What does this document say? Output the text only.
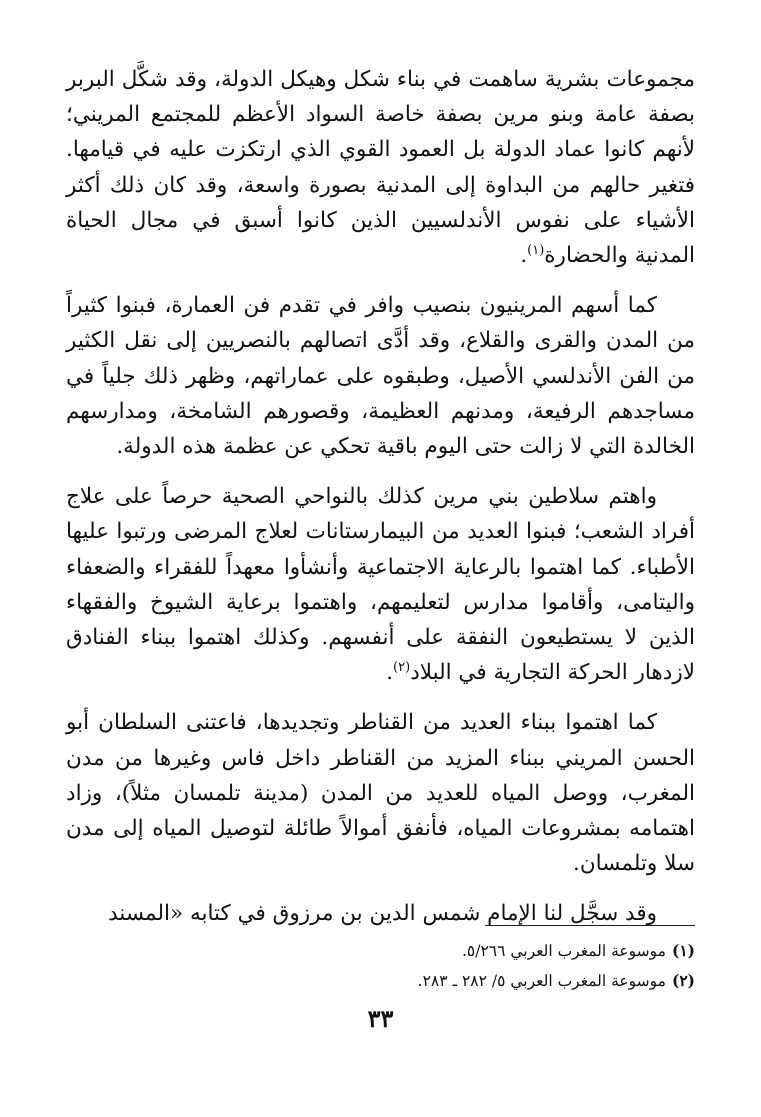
مجموعات بشرية ساهمت في بناء شكل وهيكل الدولة، وقد شكَّل البربر بصفة عامة وبنو مرين بصفة خاصة السواد الأعظم للمجتمع المريني؛ لأنهم كانوا عماد الدولة بل العمود القوي الذي ارتكزت عليه في قيامها. فتغير حالهم من البداوة إلى المدنية بصورة واسعة، وقد كان ذلك أكثر الأشياء على نفوس الأندلسيين الذين كانوا أسبق في مجال الحياة المدنية والحضارة$^{(١)}$.

كما أسهم المرينيون بنصيب وافر في تقدم فن العمارة، فبنوا كثيراً من المدن والقرى والقلاع، وقد أدَّى اتصالهم بالنصريين إلى نقل الكثير من الفن الأندلسي الأصيل، وطبقوه على عماراتهم، وظهر ذلك جلياً في مساجدهم الرفيعة، ومدنهم العظيمة، وقصورهم الشامخة، ومدارسهم الخالدة التي لا زالت حتى اليوم باقية تحكي عن عظمة هذه الدولة.

واهتم سلاطين بني مرين كذلك بالنواحي الصحية حرصاً على علاج أفراد الشعب؛ فبنوا العديد من البيمارستانات لعلاج المرضى ورتبوا عليها الأطباء. كما اهتموا بالرعاية الاجتماعية وأنشأوا معهداً للفقراء والضعفاء واليتامى، وأقاموا مدارس لتعليمهم، واهتموا برعاية الشيوخ والفقهاء الذين لا يستطيعون النفقة على أنفسهم. وكذلك اهتموا ببناء الفنادق لازدهار الحركة التجارية في البلاد$^{(٢)}$.

كما اهتموا ببناء العديد من القناطر وتجديدها، فاعتنى السلطان أبو الحسن المريني ببناء المزيد من القناطر داخل فاس وغيرها من مدن المغرب، ووصل المياه للعديد من المدن (مدينة تلمسان مثلاً)، وزاد اهتمامه بمشروعات المياه، فأنفق أموالاً طائلة لتوصيل المياه إلى مدن سلا وتلمسان.

وقد سجَّل لنا الإمام شمس الدين بن مرزوق في كتابه «المسند

(١)
موسوعة المغرب العربي ٥/٢٦٦.
(٢)
موسوعة المغرب العربي ٥/ ٢٨٢ ـ ٢٨٣.
٣٣
